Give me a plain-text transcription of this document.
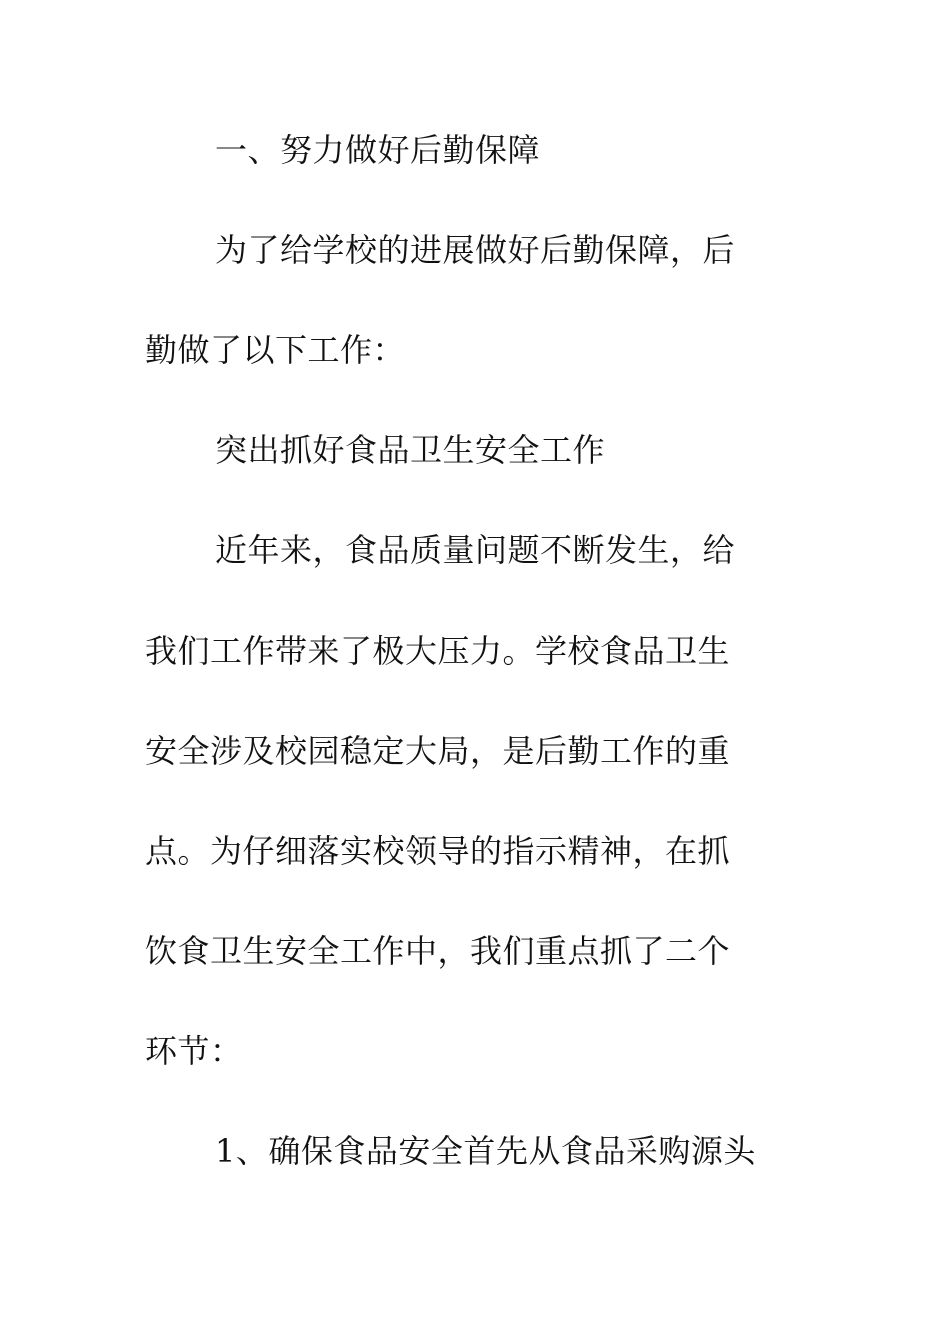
一、努力做好后勤保障
为了给学校的进展做好后勤保障，后
勤做了以下工作：
突出抓好食品卫生安全工作
近年来，食品质量问题不断发生，给
我们工作带来了极大压力。学校食品卫生
安全涉及校园稳定大局，是后勤工作的重
点。为仔细落实校领导的指示精神，在抓
饮食卫生安全工作中，我们重点抓了二个
环节：
1、确保食品安全首先从食品采购源头
